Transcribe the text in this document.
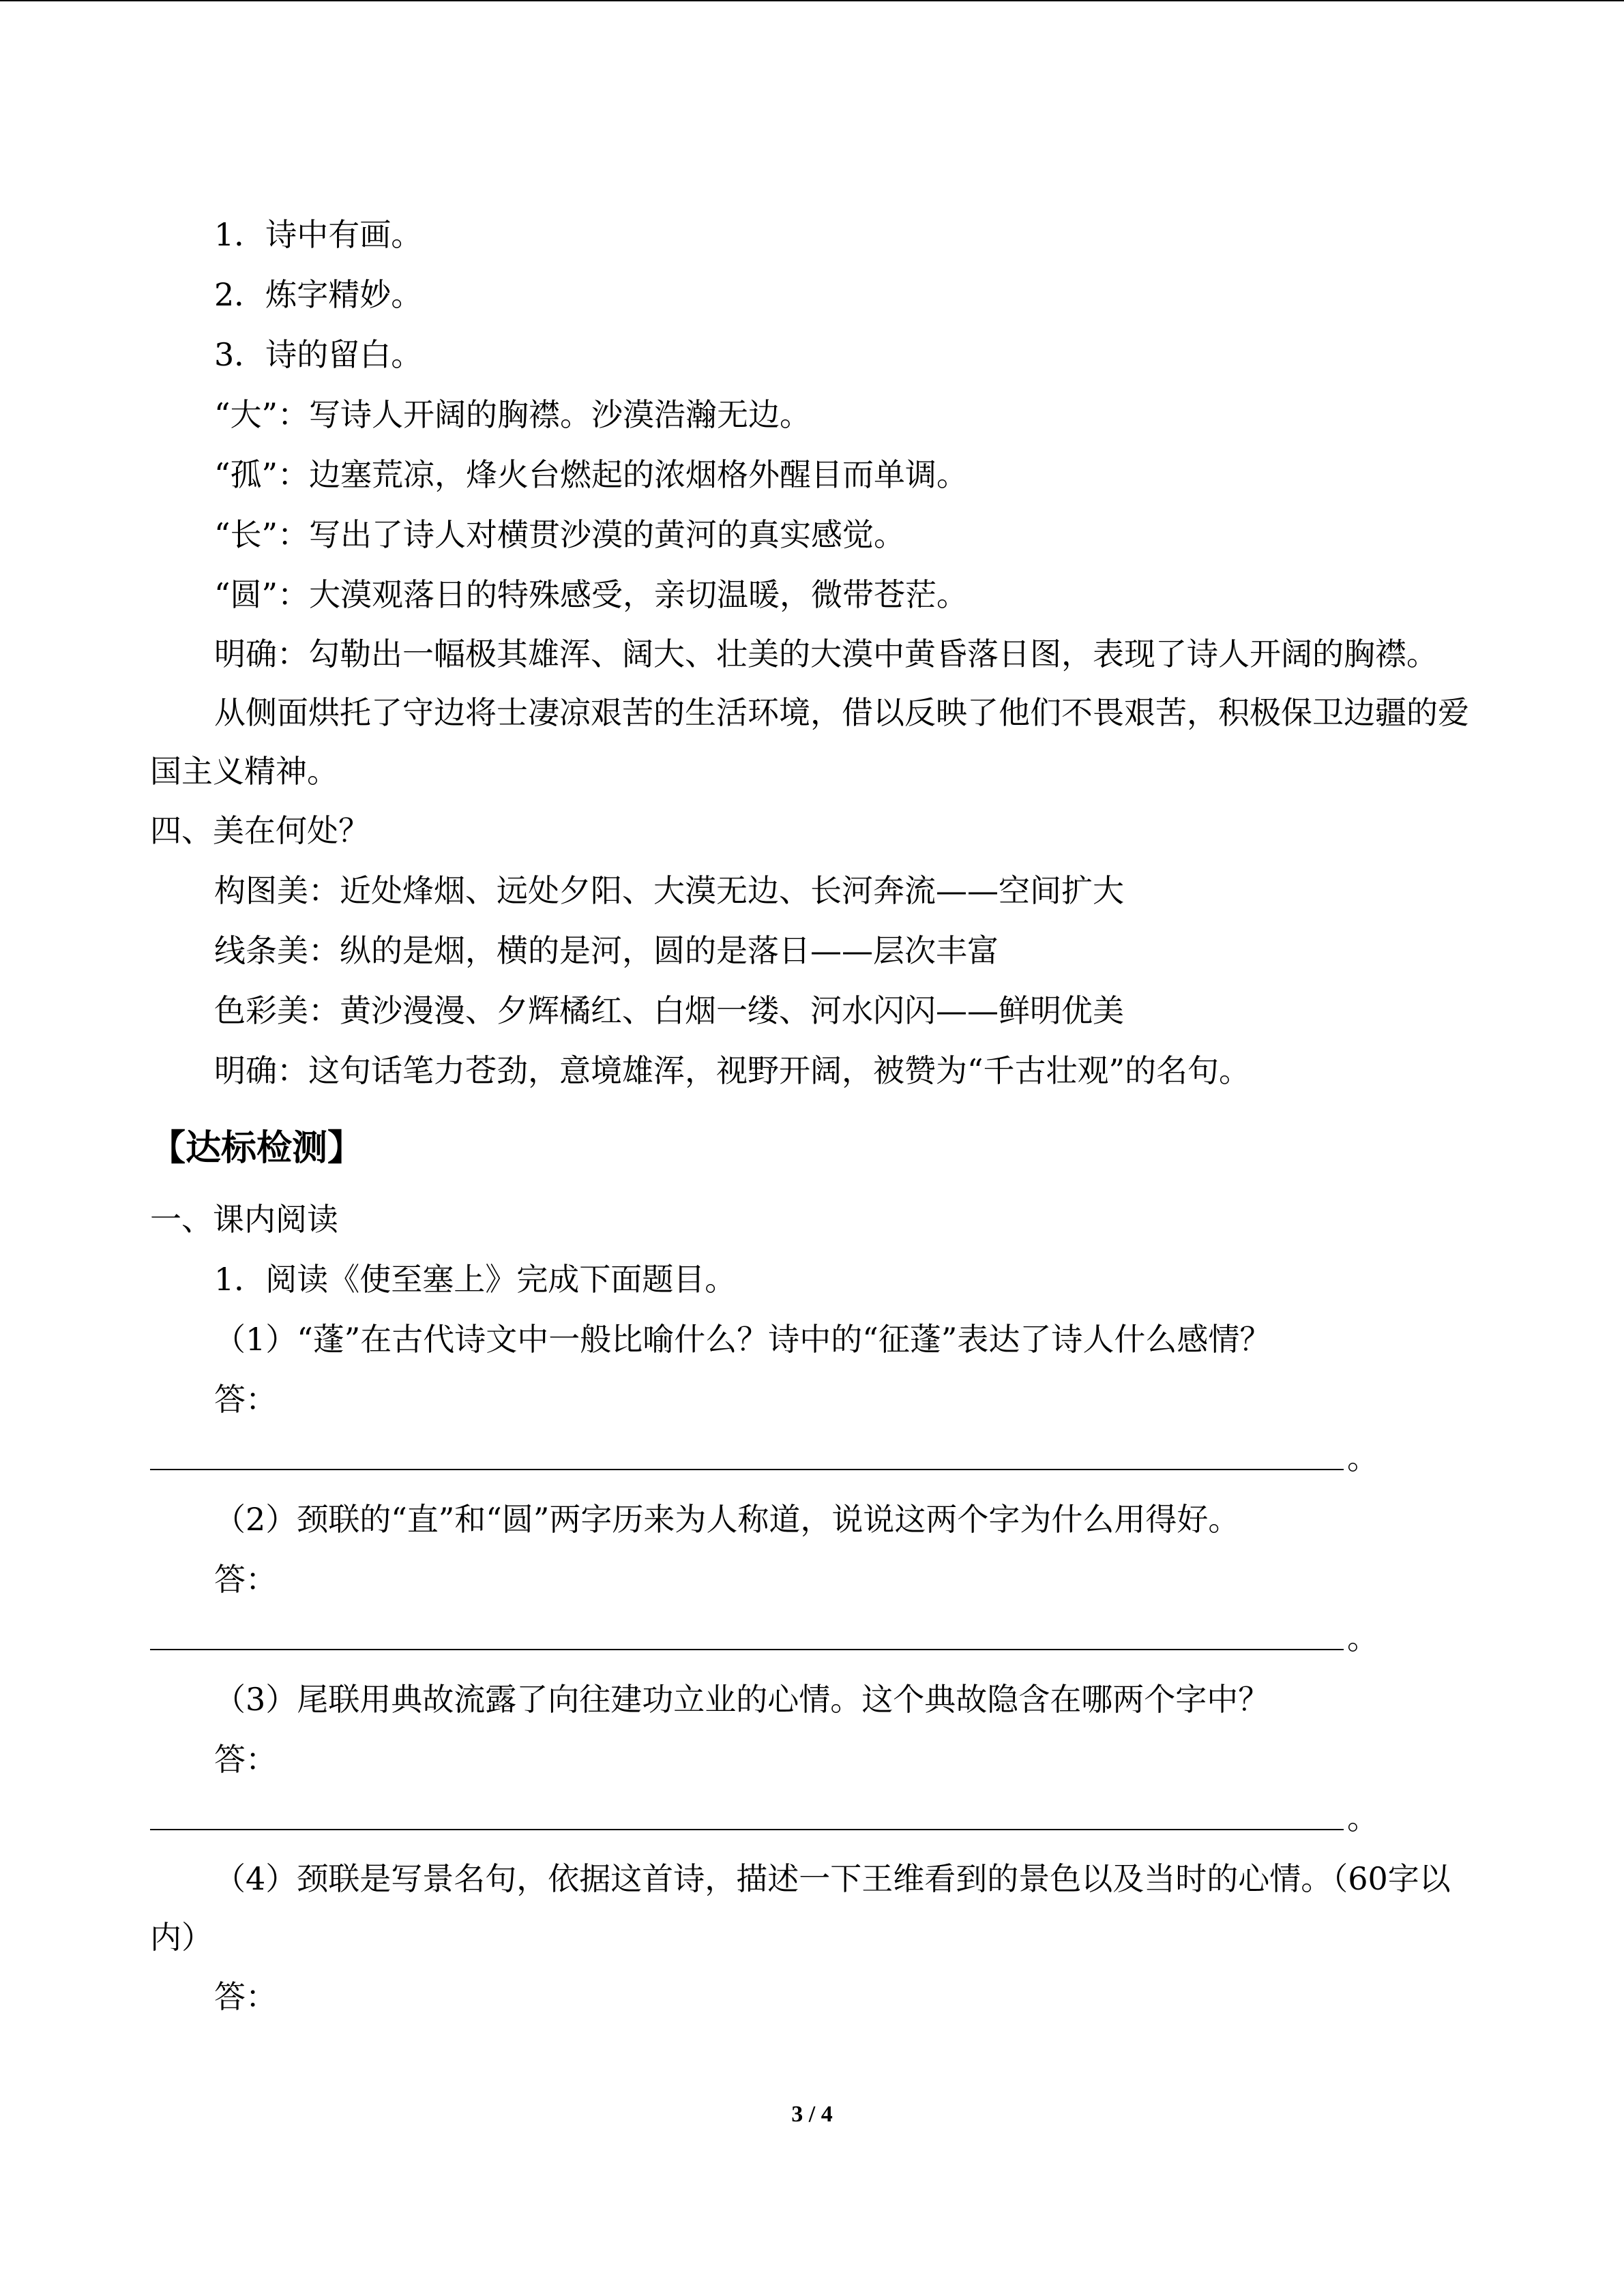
1．诗中有画。
2．炼字精妙。
3．诗的留白。
“大”：写诗人开阔的胸襟。沙漠浩瀚无边。
“孤”：边塞荒凉，烽火台燃起的浓烟格外醒目而单调。
“长”：写出了诗人对横贯沙漠的黄河的真实感觉。
“圆”：大漠观落日的特殊感受，亲切温暖，微带苍茫。
明确：勾勒出一幅极其雄浑、阔大、壮美的大漠中黄昏落日图，表现了诗人开阔的胸襟。
从侧面烘托了守边将士凄凉艰苦的生活环境，借以反映了他们不畏艰苦，积极保卫边疆的爱国主义精神。
四、美在何处？
构图美：近处烽烟、远处夕阳、大漠无边、长河奔流——空间扩大
线条美：纵的是烟，横的是河，圆的是落日——层次丰富
色彩美：黄沙漫漫、夕辉橘红、白烟一缕、河水闪闪——鲜明优美
明确：这句话笔力苍劲，意境雄浑，视野开阔，被赞为“千古壮观”的名句。
【达标检测】
一、课内阅读
1．阅读《使至塞上》完成下面题目。
（1）“蓬”在古代诗文中一般比喻什么？诗中的“征蓬”表达了诗人什么感情？
答：
。
（2）颈联的“直”和“圆”两字历来为人称道，说说这两个字为什么用得好。
答：
。
（3）尾联用典故流露了向往建功立业的心情。这个典故隐含在哪两个字中？
答：
。
（4）颈联是写景名句，依据这首诗，描述一下王维看到的景色以及当时的心情。（60字以内）
答：
3 / 4
